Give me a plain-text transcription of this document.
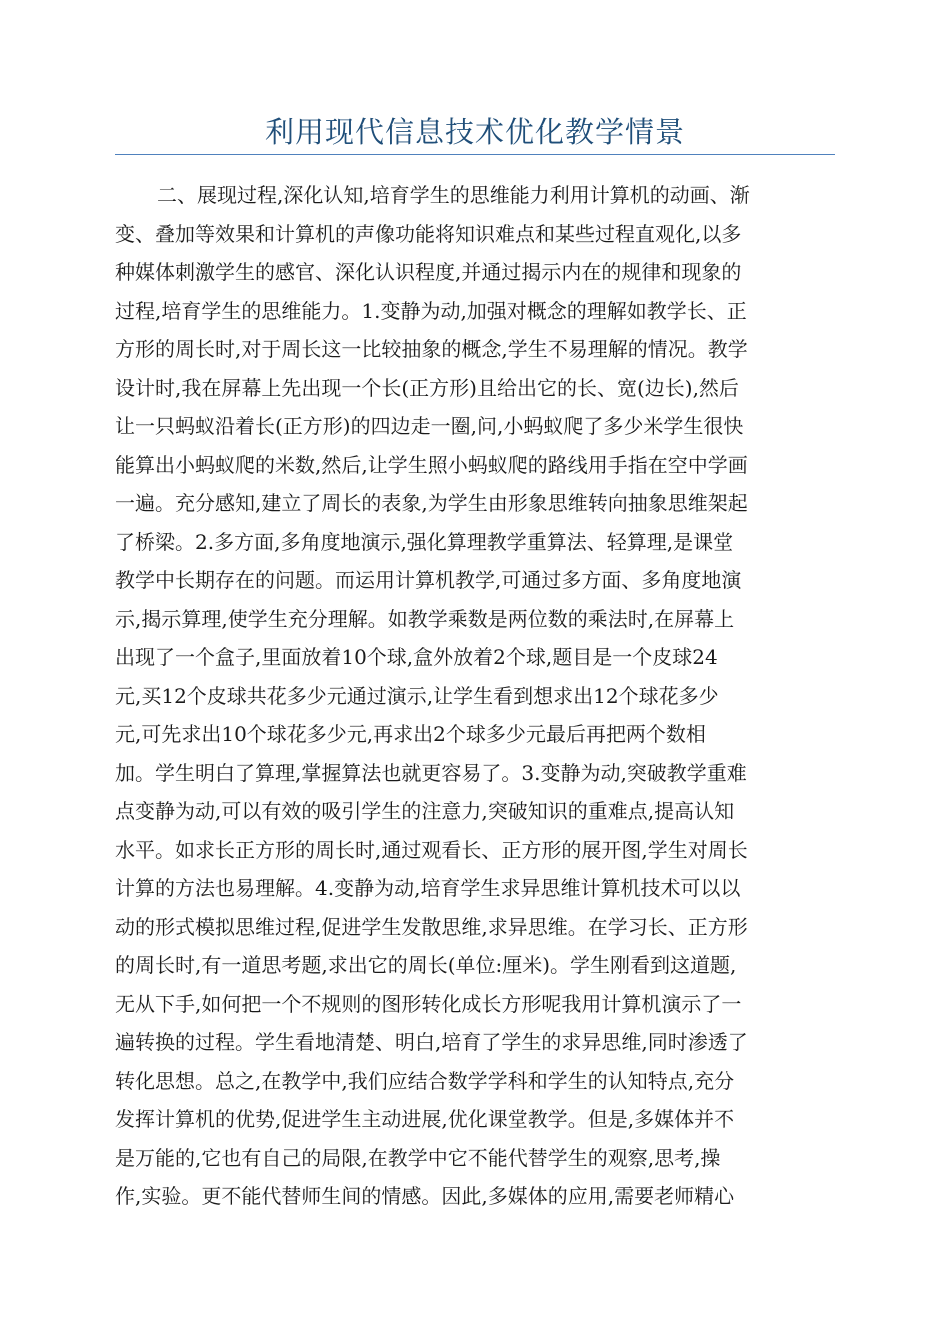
利用现代信息技术优化教学情景
二、展现过程,深化认知,培育学生的思维能力利用计算机的动画、渐
变、叠加等效果和计算机的声像功能将知识难点和某些过程直观化,以多
种媒体刺激学生的感官、深化认识程度,并通过揭示内在的规律和现象的
过程,培育学生的思维能力。1.变静为动,加强对概念的理解如教学长、正
方形的周长时,对于周长这一比较抽象的概念,学生不易理解的情况。教学
设计时,我在屏幕上先出现一个长(正方形)且给出它的长、宽(边长),然后
让一只蚂蚁沿着长(正方形)的四边走一圈,问,小蚂蚁爬了多少米学生很快
能算出小蚂蚁爬的米数,然后,让学生照小蚂蚁爬的路线用手指在空中学画
一遍。充分感知,建立了周长的表象,为学生由形象思维转向抽象思维架起
了桥梁。2.多方面,多角度地演示,强化算理教学重算法、轻算理,是课堂
教学中长期存在的问题。而运用计算机教学,可通过多方面、多角度地演
示,揭示算理,使学生充分理解。如教学乘数是两位数的乘法时,在屏幕上
出现了一个盒子,里面放着10个球,盒外放着2个球,题目是一个皮球24
元,买12个皮球共花多少元通过演示,让学生看到想求出12个球花多少
元,可先求出10个球花多少元,再求出2个球多少元最后再把两个数相
加。学生明白了算理,掌握算法也就更容易了。3.变静为动,突破教学重难
点变静为动,可以有效的吸引学生的注意力,突破知识的重难点,提高认知
水平。如求长正方形的周长时,通过观看长、正方形的展开图,学生对周长
计算的方法也易理解。4.变静为动,培育学生求异思维计算机技术可以以
动的形式模拟思维过程,促进学生发散思维,求异思维。在学习长、正方形
的周长时,有一道思考题,求出它的周长(单位:厘米)。学生刚看到这道题,
无从下手,如何把一个不规则的图形转化成长方形呢我用计算机演示了一
遍转换的过程。学生看地清楚、明白,培育了学生的求异思维,同时渗透了
转化思想。总之,在教学中,我们应结合数学学科和学生的认知特点,充分
发挥计算机的优势,促进学生主动进展,优化课堂教学。但是,多媒体并不
是万能的,它也有自己的局限,在教学中它不能代替学生的观察,思考,操
作,实验。更不能代替师生间的情感。因此,多媒体的应用,需要老师精心
